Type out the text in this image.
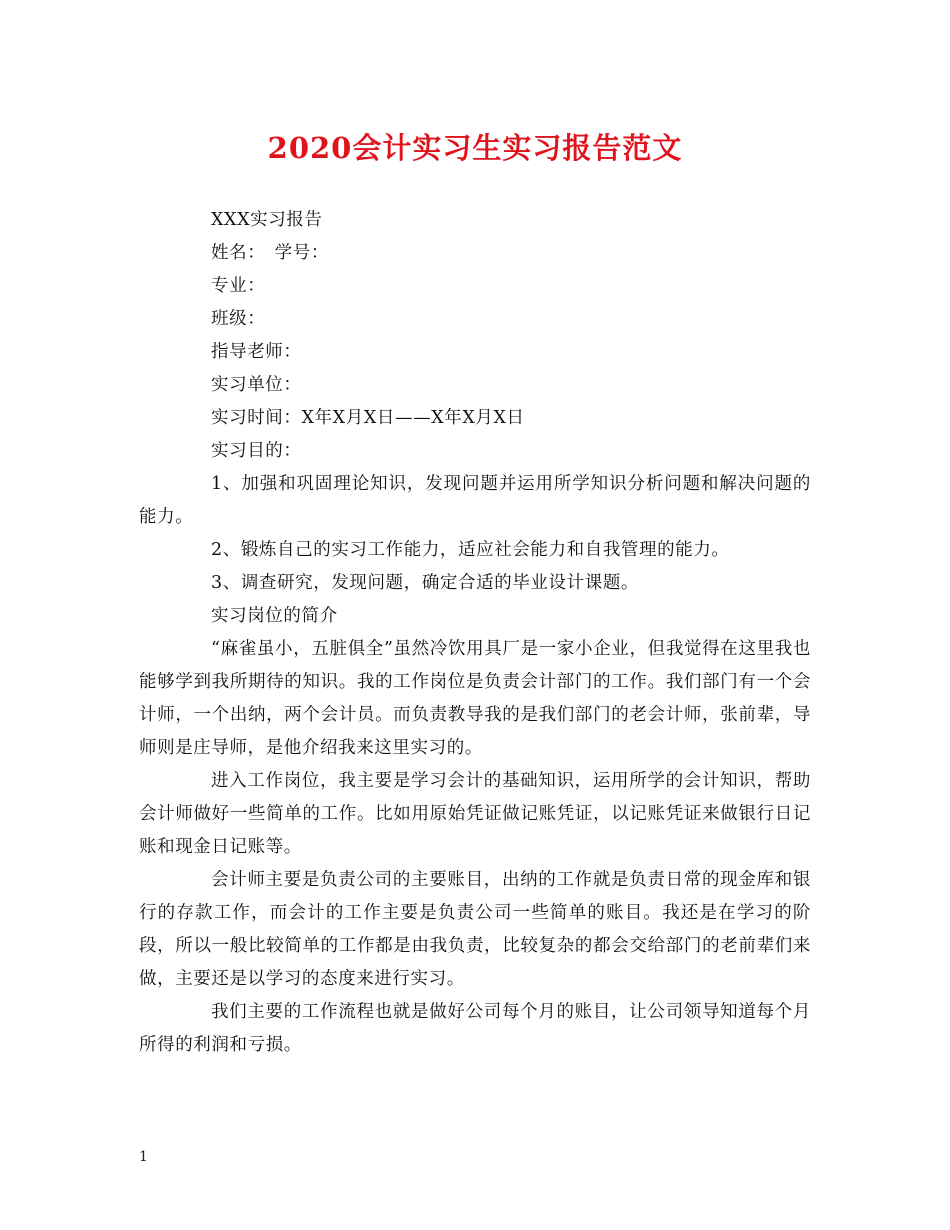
2020会计实习生实习报告范文

XXX实习报告

姓名：　学号：

专业：

班级：

指导老师：

实习单位：

实习时间：X年X月X日——X年X月X日

实习目的：

1、加强和巩固理论知识，发现问题并运用所学知识分析问题和解决问题的能力。

2、锻炼自己的实习工作能力，适应社会能力和自我管理的能力。

3、调查研究，发现问题，确定合适的毕业设计课题。

实习岗位的简介

“麻雀虽小，五脏俱全”虽然冷饮用具厂是一家小企业，但我觉得在这里我也能够学到我所期待的知识。我的工作岗位是负责会计部门的工作。我们部门有一个会计师，一个出纳，两个会计员。而负责教导我的是我们部门的老会计师，张前辈，导师则是庄导师，是他介绍我来这里实习的。

进入工作岗位，我主要是学习会计的基础知识，运用所学的会计知识，帮助会计师做好一些简单的工作。比如用原始凭证做记账凭证，以记账凭证来做银行日记账和现金日记账等。

会计师主要是负责公司的主要账目，出纳的工作就是负责日常的现金库和银行的存款工作，而会计的工作主要是负责公司一些简单的账目。我还是在学习的阶段，所以一般比较简单的工作都是由我负责，比较复杂的都会交给部门的老前辈们来做，主要还是以学习的态度来进行实习。

我们主要的工作流程也就是做好公司每个月的账目，让公司领导知道每个月所得的利润和亏损。

1
